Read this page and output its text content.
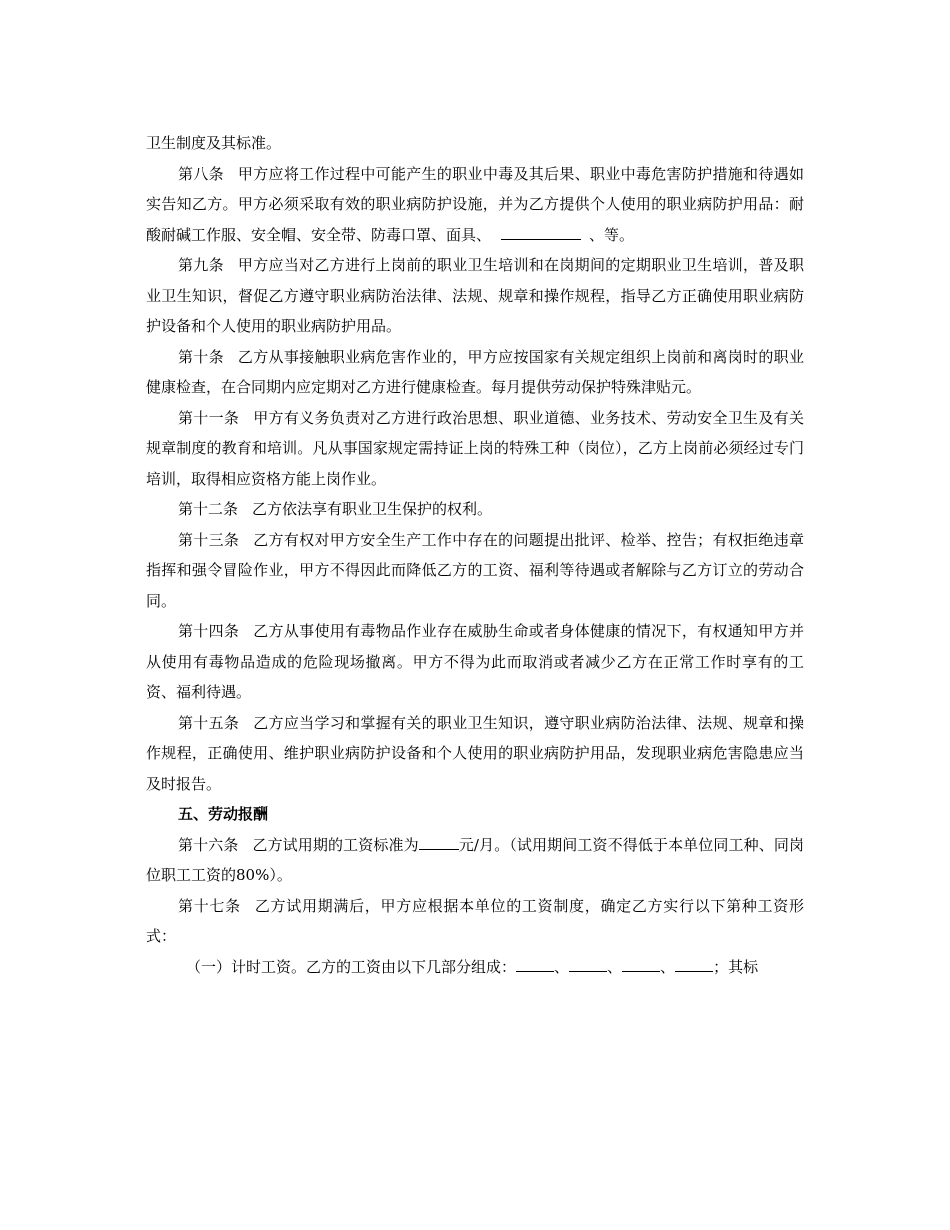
卫生制度及其标准。

第八条 甲方应将工作过程中可能产生的职业中毒及其后果、职业中毒危害防护措施和待遇如实告知乙方。甲方必须采取有效的职业病防护设施，并为乙方提供个人使用的职业病防护用品：耐酸耐碱工作服、安全帽、安全带、防毒口罩、面具、	、等。

第九条 甲方应当对乙方进行上岗前的职业卫生培训和在岗期间的定期职业卫生培训，普及职业卫生知识，督促乙方遵守职业病防治法律、法规、规章和操作规程，指导乙方正确使用职业病防护设备和个人使用的职业病防护用品。

第十条 乙方从事接触职业病危害作业的，甲方应按国家有关规定组织上岗前和离岗时的职业健康检查，在合同期内应定期对乙方进行健康检查。每月提供劳动保护特殊津贴元。

第十一条 甲方有义务负责对乙方进行政治思想、职业道德、业务技术、劳动安全卫生及有关规章制度的教育和培训。凡从事国家规定需持证上岗的特殊工种（岗位），乙方上岗前必须经过专门培训，取得相应资格方能上岗作业。

第十二条 乙方依法享有职业卫生保护的权利。

第十三条 乙方有权对甲方安全生产工作中存在的问题提出批评、检举、控告；有权拒绝违章指挥和强令冒险作业，甲方不得因此而降低乙方的工资、福利等待遇或者解除与乙方订立的劳动合同。

第十四条 乙方从事使用有毒物品作业存在威胁生命或者身体健康的情况下，有权通知甲方并从使用有毒物品造成的危险现场撤离。甲方不得为此而取消或者减少乙方在正常工作时享有的工资、福利待遇。

第十五条 乙方应当学习和掌握有关的职业卫生知识，遵守职业病防治法律、法规、规章和操作规程，正确使用、维护职业病防护设备和个人使用的职业病防护用品，发现职业病危害隐患应当及时报告。

五、劳动报酬

第十六条 乙方试用期的工资标准为	元/月。（试用期间工资不得低于本单位同工种、同岗位职工工资的80%）。

第十七条 乙方试用期满后，甲方应根据本单位的工资制度，确定乙方实行以下第种工资形式：

（一）计时工资。乙方的工资由以下几部分组成：	、	、	、	；其标
